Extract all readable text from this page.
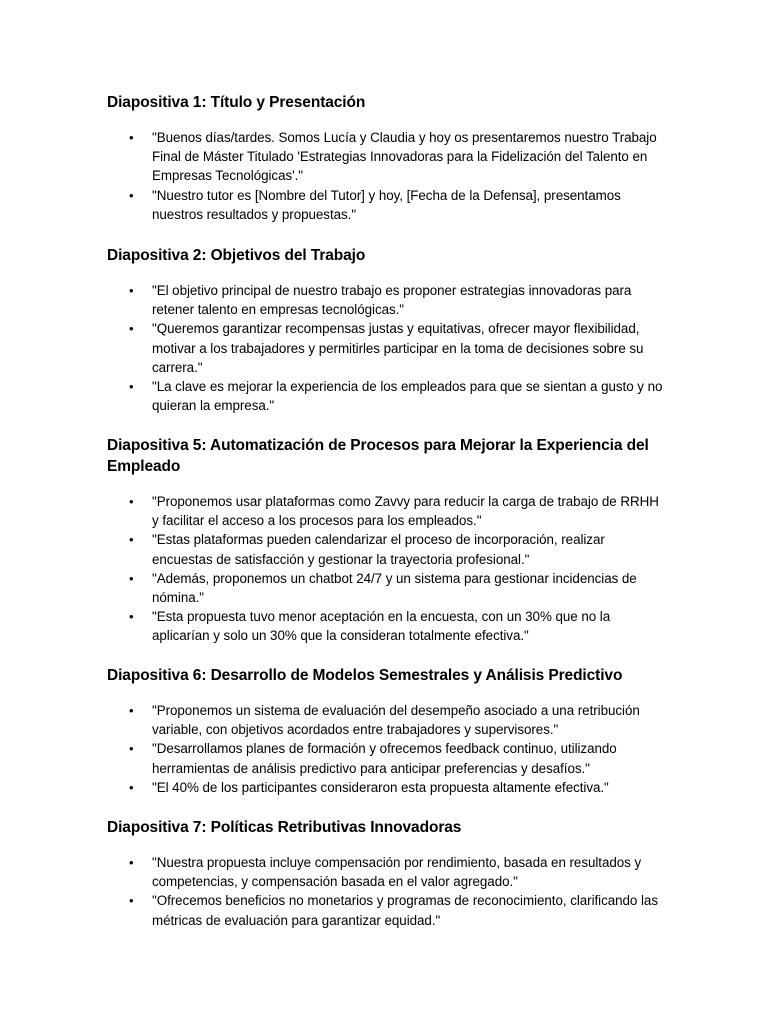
Diapositiva 1: Título y Presentación
• "Buenos días/tardes. Somos Lucía y Claudia y hoy os presentaremos nuestro Trabajo Final de Máster Titulado 'Estrategias Innovadoras para la Fidelización del Talento en Empresas Tecnológicas'."
• "Nuestro tutor es [Nombre del Tutor] y hoy, [Fecha de la Defensa], presentamos nuestros resultados y propuestas."
Diapositiva 2: Objetivos del Trabajo
• "El objetivo principal de nuestro trabajo es proponer estrategias innovadoras para retener talento en empresas tecnológicas."
• "Queremos garantizar recompensas justas y equitativas, ofrecer mayor flexibilidad, motivar a los trabajadores y permitirles participar en la toma de decisiones sobre su carrera."
• "La clave es mejorar la experiencia de los empleados para que se sientan a gusto y no quieran la empresa."
Diapositiva 5: Automatización de Procesos para Mejorar la Experiencia del Empleado
• "Proponemos usar plataformas como Zavvy para reducir la carga de trabajo de RRHH y facilitar el acceso a los procesos para los empleados."
• "Estas plataformas pueden calendarizar el proceso de incorporación, realizar encuestas de satisfacción y gestionar la trayectoria profesional."
• "Además, proponemos un chatbot 24/7 y un sistema para gestionar incidencias de nómina."
• "Esta propuesta tuvo menor aceptación en la encuesta, con un 30% que no la aplicarían y solo un 30% que la consideran totalmente efectiva."
Diapositiva 6: Desarrollo de Modelos Semestrales y Análisis Predictivo
• "Proponemos un sistema de evaluación del desempeño asociado a una retribución variable, con objetivos acordados entre trabajadores y supervisores."
• "Desarrollamos planes de formación y ofrecemos feedback continuo, utilizando herramientas de análisis predictivo para anticipar preferencias y desafíos."
• "El 40% de los participantes consideraron esta propuesta altamente efectiva."
Diapositiva 7: Políticas Retributivas Innovadoras
• "Nuestra propuesta incluye compensación por rendimiento, basada en resultados y competencias, y compensación basada en el valor agregado."
• "Ofrecemos beneficios no monetarios y programas de reconocimiento, clarificando las métricas de evaluación para garantizar equidad."
